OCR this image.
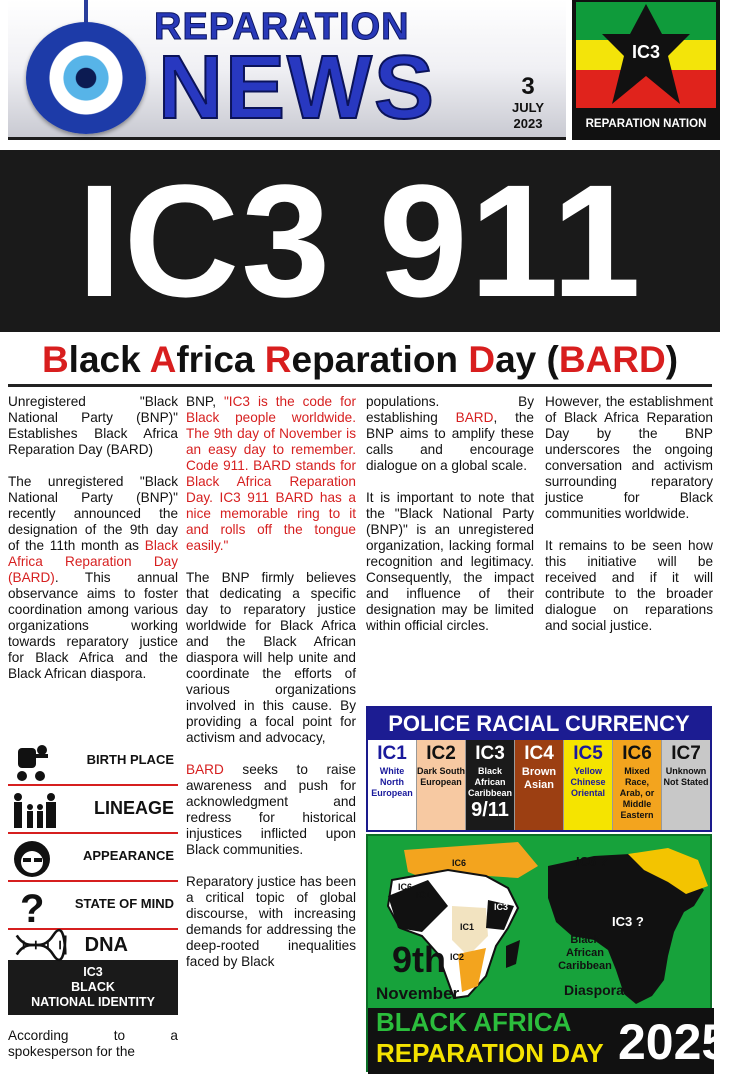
REPARATION
NEWS	3
JULY
2023
IC3
REPARATION NATION
IC3 911
Black Africa Reparation Day (BARD)

Unregistered "Black National Party (BNP)" Establishes Black Africa Reparation Day (BARD)

The unregistered "Black National Party (BNP)" recently announced the designation of the 9th day of the 11th month as Black Africa Reparation Day (BARD). This annual observance aims to foster coordination among various organizations working towards reparatory justice for Black Africa and the Black African diaspora.

BIRTH PLACE
LINEAGE
APPEARANCE
? STATE OF MIND
DNA
IC3
BLACK
NATIONAL IDENTITY
According to a spokesperson for the

BNP, "IC3 is the code for Black people worldwide. The 9th day of November is an easy day to remember. Code 911. BARD stands for Black Africa Reparation Day. IC3 911 BARD has a nice memorable ring to it and rolls off the tongue easily."

The BNP firmly believes that dedicating a specific day to reparatory justice worldwide for Black Africa and the Black African diaspora will help unite and coordinate the efforts of various organizations involved in this cause. By providing a focal point for activism and advocacy,

BARD seeks to raise awareness and push for acknowledgment and redress for historical injustices inflicted upon Black communities.

Reparatory justice has been a critical topic of global discourse, with increasing demands for addressing the deep-rooted inequalities faced by Black

populations. By establishing BARD, the BNP aims to amplify these calls and encourage dialogue on a global scale.

It is important to note that the "Black National Party (BNP)" is an unregistered organization, lacking formal recognition and legitimacy. Consequently, the impact and influence of their designation may be limited within official circles.

However, the establishment of Black Africa Reparation Day by the BNP underscores the ongoing conversation and activism surrounding reparatory justice for Black communities worldwide.

It remains to be seen how this initiative will be received and if it will contribute to the broader dialogue on reparations and social justice.

POLICE RACIAL CURRENCY
IC1
White North European
IC2
Dark South European
IC3
Black African Caribbean
9/11
IC4
Brown Asian
IC5
Yellow Chinese Oriental
IC6
Mixed Race, Arab, or Middle Eastern
IC7
Unknown Not Stated
IC6
IC6
IC1
IC1
IC3
IC2
IC6 ?
IC3 ?
9th
November
Black
African
Caribbean
Diaspora
BLACK AFRICA
REPARATION DAY 2025
